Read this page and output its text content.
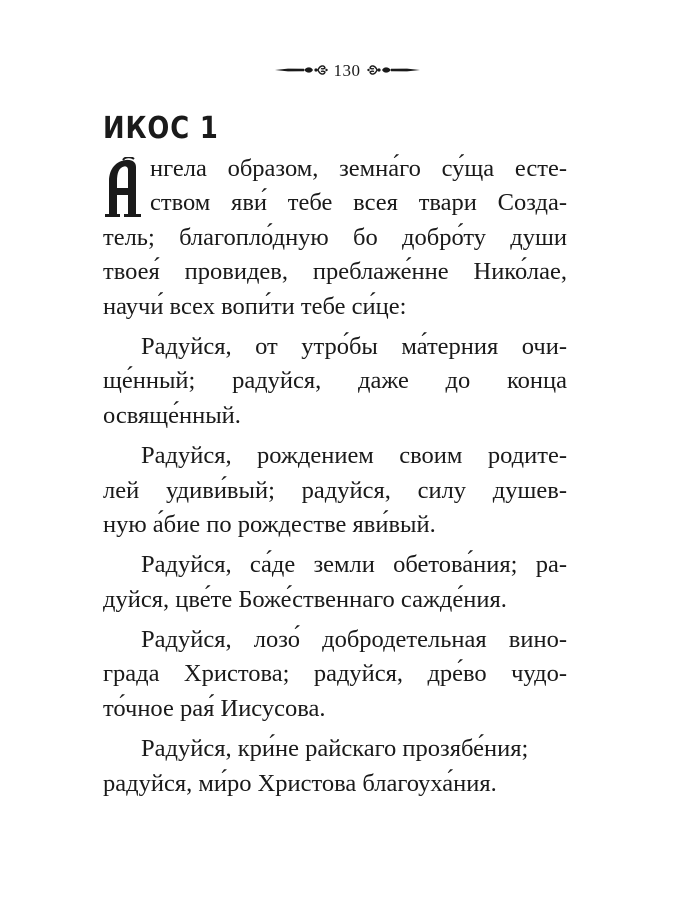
130
ИКОС 1
нгела образом, земна́го су́ща есте-
ством яви́ тебе всея твари Созда-
тель; благопло́дную бо добро́ту души
твоея́ провидев, преблаже́нне Нико́лае,
научи́ всех вопи́ти тебе си́це:
Радуйся, от утро́бы ма́терния очи-
ще́нный; радуйся, даже до конца
освяще́нный.
Радуйся, рождением своим родите-
лей удиви́вый; радуйся, силу душев-
ную а́бие по рождестве яви́вый.
Радуйся, са́де земли обетова́ния; ра-
дуйся, цве́те Боже́ственнаго сажде́ния.
Радуйся, лозо́ добродетельная вино-
града Христова; радуйся, дре́во чудо-
то́чное рая́ Иисусова.
Радуйся, кри́не райскаго прозябе́ния;
радуйся, ми́ро Христова благоуха́ния.
